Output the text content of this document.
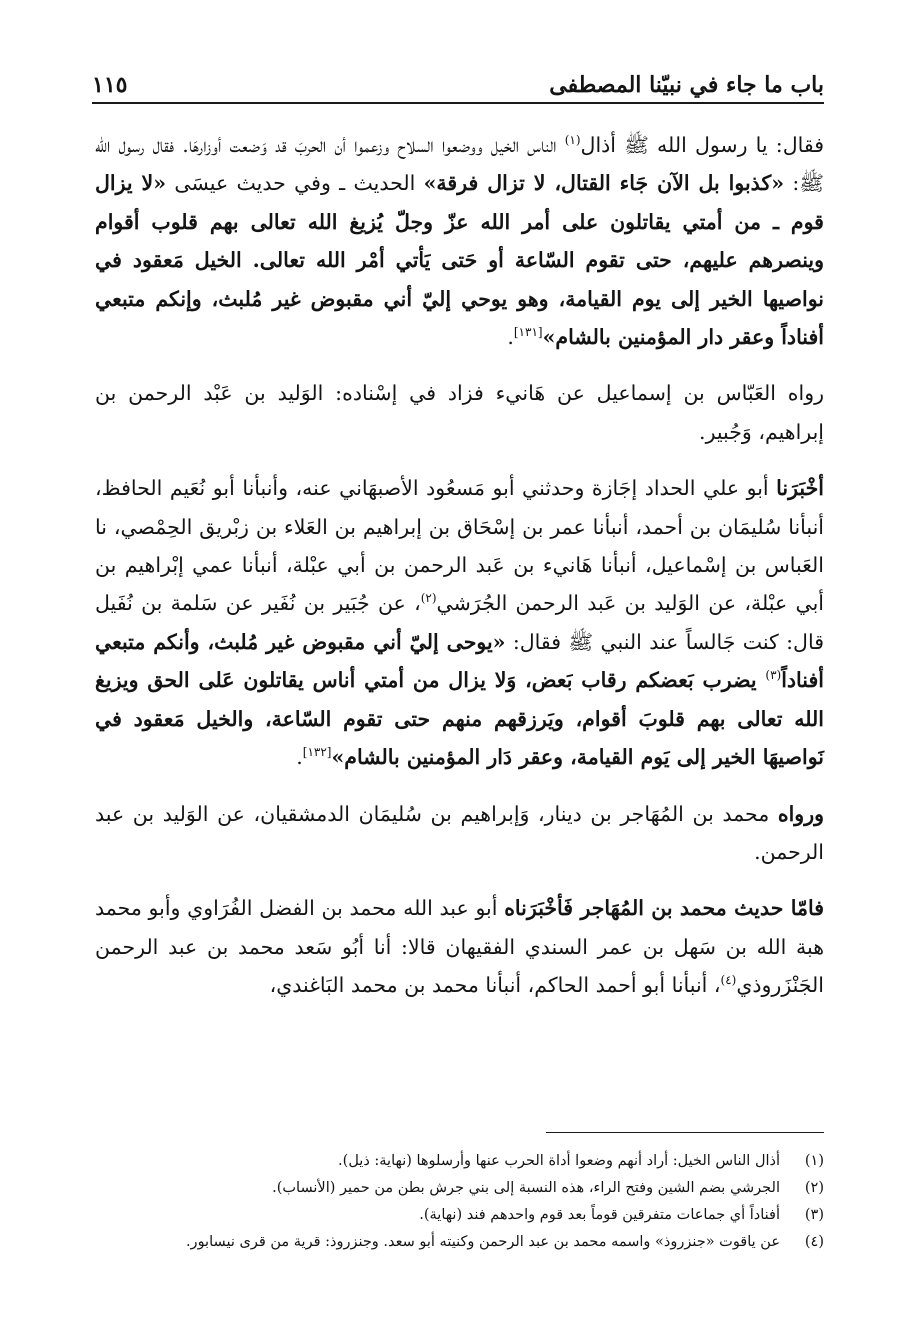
باب ما جاء في نبيّنا المصطفى
١١٥

فقال: يا رسول الله ﷺ أذال$^{(١)}$ الناس الخيل ووضعوا السلاح وزعموا أن الحربَ قد وَضعت أوزارهَا. فقال رسول الله ﷺ: «كذبوا بل الآن جَاء القتال، لا تزال فرقة» الحديث ـ وفي حديث عيسَى «لا يزال قوم ـ من أمتي يقاتلون على أمر الله عزّ وجلّ يُزيغ الله تعالى بهم قلوب أقوام وينصرهم عليهم، حتى تقوم السّاعة أو حَتى يَأتي أمْر الله تعالى. الخيل مَعقود في نواصيها الخير إلى يوم القيامة، وهو يوحي إليّ أني مقبوض غير مُلبث، وإنكم متبعي أفناداً وعقر دار المؤمنين بالشام»[١٣١].

رواه العَبّاس بن إسماعيل عن هَانيء فزاد في إسْناده: الوَليد بن عَبْد الرحمن بن إبراهيم، وَجُبير.

أخْبَرَنا أبو علي الحداد إجَازة وحدثني أبو مَسعُود الأصبهَاني عنه، وأنبأنا أبو نُعَيم الحافظ، أنبأنا سُليمَان بن أحمد، أنبأنا عمر بن إسْحَاق بن إبراهيم بن العَلاء بن زبْريق الحِمْصي، نا العَباس بن إسْماعيل، أنبأنا هَانيء بن عَبد الرحمن بن أبي عبْلة، أنبأنا عمي إبْراهيم بن أبي عبْلة، عن الوَليد بن عَبد الرحمن الجُرَشي$^{(٢)}$، عن جُبَير بن نُفَير عن سَلمة بن نُفَيل قال: كنت جَالساً عند النبي ﷺ فقال: «يوحى إليّ أني مقبوض غير مُلبث، وأنكم متبعي أفناداً$^{(٣)}$ يضرب بَعضكم رقاب بَعض، وَلا يزال من أمتي أناس يقاتلون عَلى الحق ويزيغ الله تعالى بهم قلوبَ أقوام، ويَرزقهم منهم حتى تقوم السّاعة، والخيل مَعقود في نَواصيهَا الخير إلى يَوم القيامة، وعقر دَار المؤمنين بالشام»[١٣٢].

ورواه محمد بن المُهَاجر بن دينار، وَإبراهيم بن سُليمَان الدمشقيان، عن الوَليد بن عبد الرحمن.

فامّا حديث محمد بن المُهَاجر فَأخْبَرَناه أبو عبد الله محمد بن الفضل الفُرَاوي وأبو محمد هبة الله بن سَهل بن عمر السندي الفقيهان قالا: أنا أبُو سَعد محمد بن عبد الرحمن الجَنْزَروذي$^{(٤)}$، أنبأنا أبو أحمد الحاكم، أنبأنا محمد بن محمد البَاغندي،

(١)
أذال الناس الخيل: أراد أنهم وضعوا أداة الحرب عنها وأرسلوها (نهاية: ذيل).
(٢)
الجرشي بضم الشين وفتح الراء، هذه النسبة إلى بني جرش بطن من حمير (الأنساب).
(٣)
أفناداً أي جماعات متفرقين قوماً بعد قوم واحدهم فند (نهاية).
(٤)
عن ياقوت «جنزروذ» واسمه محمد بن عبد الرحمن وكنيته أبو سعد. وجنزروذ: قرية من قرى نيسابور.
